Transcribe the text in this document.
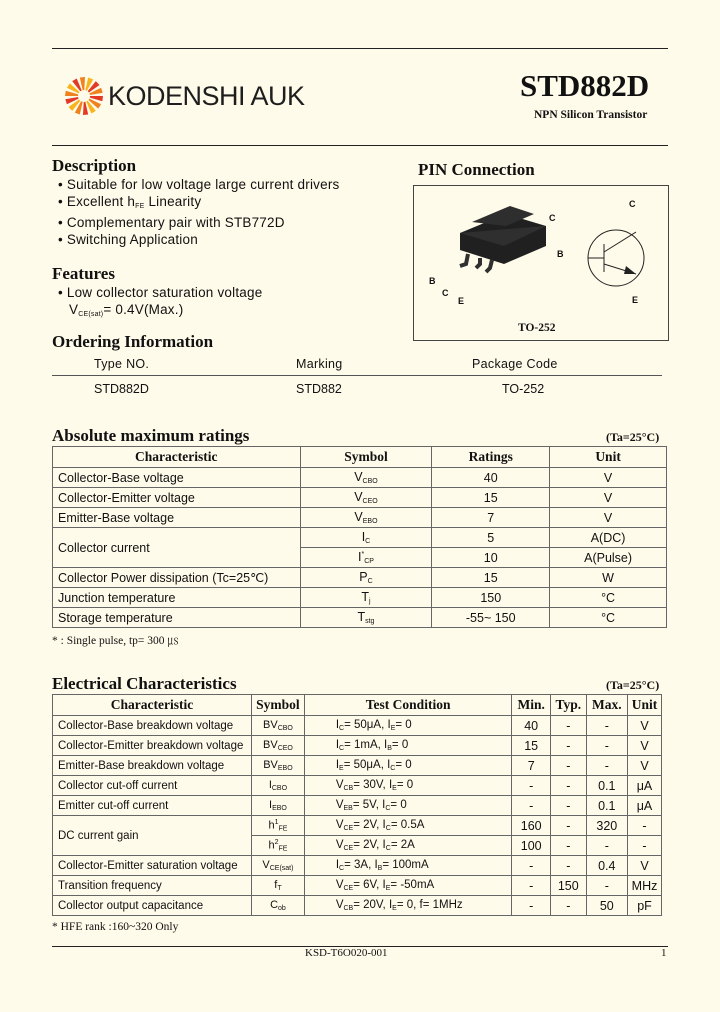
KODENSHI AUK	STD882D
NPN Silicon Transistor
Description
• Suitable for low voltage large current drivers
• Excellent $h_{FE}$ Linearity
• Complementary pair with STB772D
• Switching Application
Features
• Low collector saturation voltage
$V_{CE(sat)}= 0.4V(Max.)$
PIN Connection
C
B
B
C
E
C
E
TO-252
Ordering Information
Type NO.	Marking	Package Code
STD882D	STD882	TO-252
Absolute maximum ratings	(Ta=25°C)
Characteristic	Symbol	Ratings	Unit
Collector-Base voltage	$V_{CBO}$	40	V
Collector-Emitter voltage	$V_{CEO}$	15	V
Emitter-Base voltage	$V_{EBO}$	7	V
Collector current	$I_C$	5	A(DC)
	$I^*_{CP}$	10	A(Pulse)
Collector Power dissipation (Tc=25℃)	$P_C$	15	W
Junction temperature	$T_j$	150	°C
Storage temperature	$T_{stg}$	-55~ 150	°C
* : Single pulse, tp= 300 ㎲
Electrical Characteristics	(Ta=25°C)
Characteristic	Symbol	Test Condition	Min.	Typ.	Max.	Unit
Collector-Base breakdown voltage	$BV_{CBO}$	$I_C= 50\mu A$, $I_E= 0$	40	-	-	V
Collector-Emitter breakdown voltage	$BV_{CEO}$	$I_C= 1mA$, $I_B= 0$	15	-	-	V
Emitter-Base breakdown voltage	$BV_{EBO}$	$I_E= 50\mu A$, $I_C= 0$	7	-	-	V
Collector cut-off current	$I_{CBO}$	$V_{CB}= 30V$, $I_E= 0$	-	-	0.1	μA
Emitter cut-off current	$I_{EBO}$	$V_{EB}= 5V$, $I_C= 0$	-	-	0.1	μA
DC current gain	$h^1_{FE}$	$V_{CE}= 2V$, $I_C= 0.5A$	160	-	320	-
	$h^2_{FE}$	$V_{CE}= 2V$, $I_C= 2A$	100	-	-	-
Collector-Emitter saturation voltage	$V_{CE(sat)}$	$I_C= 3A$, $I_B= 100mA$	-	-	0.4	V
Transition frequency	$f_T$	$V_{CE}= 6V$, $I_E= -50mA$	-	150	-	MHz
Collector output capacitance	$C_{ob}$	$V_{CB}= 20V$, $I_E= 0$, f= 1MHz	-	-	50	pF
* HFE rank :160~320 Only
KSD-T6O020-001	1
